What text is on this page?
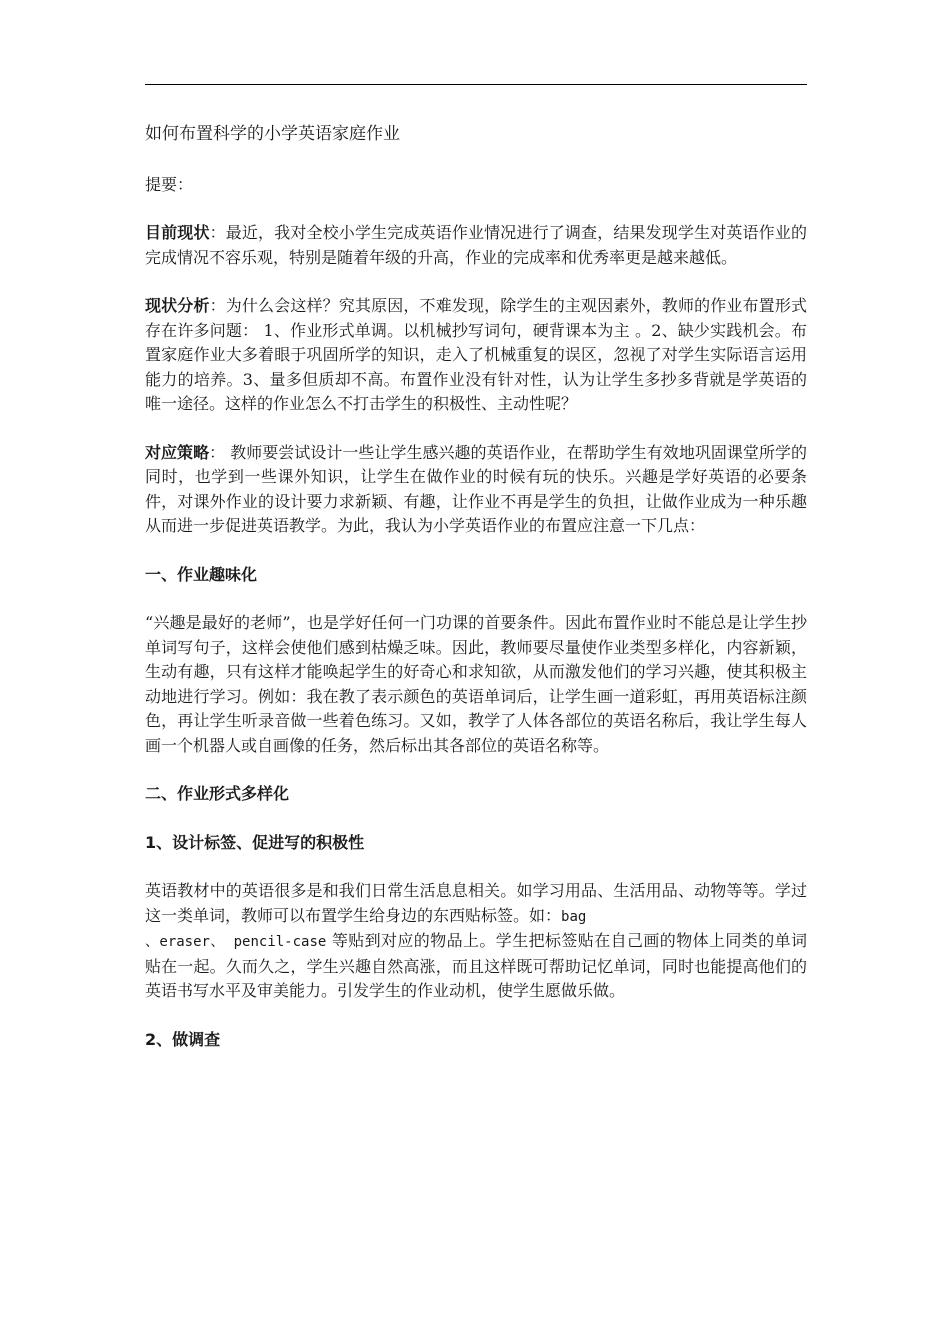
如何布置科学的小学英语家庭作业

提要：

目前现状：最近，我对全校小学生完成英语作业情况进行了调查，结果发现学生对英语作业的完成情况不容乐观，特别是随着年级的升高，作业的完成率和优秀率更是越来越低。

现状分析：为什么会这样？究其原因，不难发现，除学生的主观因素外，教师的作业布置形式存在许多问题： 1、作业形式单调。以机械抄写词句，硬背课本为主 。2、缺少实践机会。布置家庭作业大多着眼于巩固所学的知识，走入了机械重复的误区，忽视了对学生实际语言运用能力的培养。3、量多但质却不高。布置作业没有针对性，认为让学生多抄多背就是学英语的唯一途径。这样的作业怎么不打击学生的积极性、主动性呢？

对应策略： 教师要尝试设计一些让学生感兴趣的英语作业，在帮助学生有效地巩固课堂所学的同时，也学到一些课外知识，让学生在做作业的时候有玩的快乐。兴趣是学好英语的必要条件，对课外作业的设计要力求新颖、有趣，让作业不再是学生的负担，让做作业成为一种乐趣从而进一步促进英语教学。为此，我认为小学英语作业的布置应注意一下几点：

一、作业趣味化

“兴趣是最好的老师”，也是学好任何一门功课的首要条件。因此布置作业时不能总是让学生抄单词写句子，这样会使他们感到枯燥乏味。因此，教师要尽量使作业类型多样化，内容新颖，生动有趣，只有这样才能唤起学生的好奇心和求知欲，从而激发他们的学习兴趣，使其积极主动地进行学习。例如：我在教了表示颜色的英语单词后，让学生画一道彩虹，再用英语标注颜色，再让学生听录音做一些着色练习。又如，教学了人体各部位的英语名称后，我让学生每人画一个机器人或自画像的任务，然后标出其各部位的英语名称等。

二、作业形式多样化

1、设计标签、促进写的积极性

英语教材中的英语很多是和我们日常生活息息相关。如学习用品、生活用品、动物等等。学过这一类单词，教师可以布置学生给身边的东西贴标签。如：bag
、eraser、 pencil-case 等贴到对应的物品上。学生把标签贴在自己画的物体上同类的单词贴在一起。久而久之，学生兴趣自然高涨，而且这样既可帮助记忆单词，同时也能提高他们的英语书写水平及审美能力。引发学生的作业动机，使学生愿做乐做。

2、做调查
